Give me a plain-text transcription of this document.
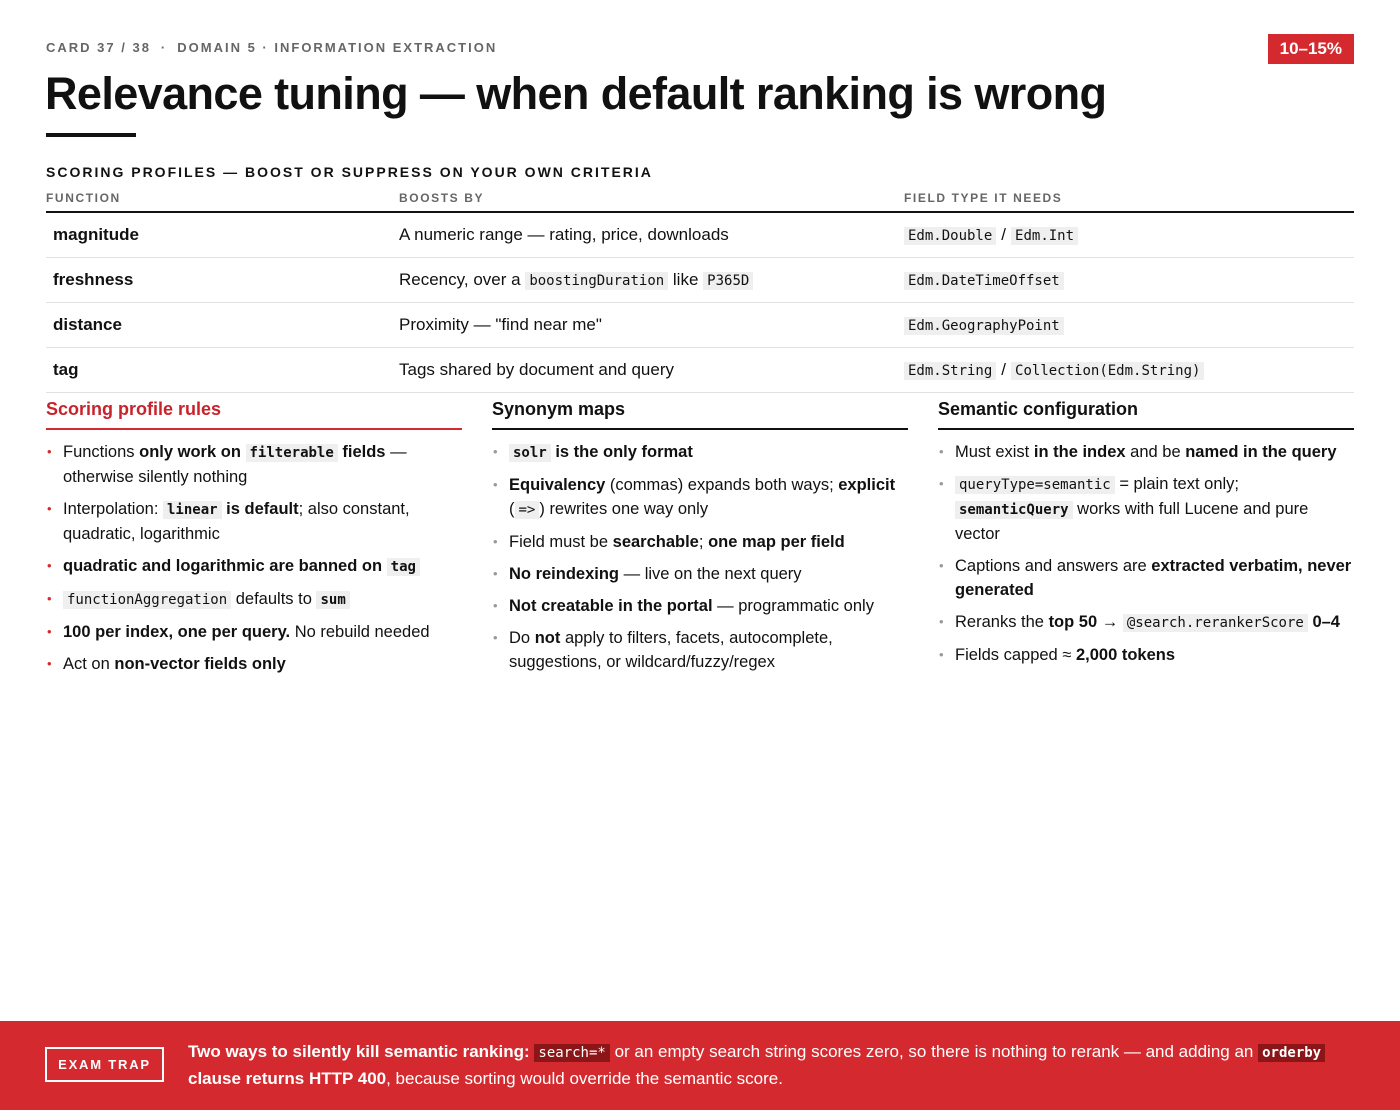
CARD 37 / 38 · DOMAIN 5 · INFORMATION EXTRACTION	10–15%
Relevance tuning — when default ranking is wrong
SCORING PROFILES — BOOST OR SUPPRESS ON YOUR OWN CRITERIA
FUNCTION	BOOSTS BY	FIELD TYPE IT NEEDS
magnitude	A numeric range — rating, price, downloads	Edm.Double / Edm.Int
freshness	Recency, over a boostingDuration like P365D	Edm.DateTimeOffset
distance	Proximity — "find near me"	Edm.GeographyPoint
tag	Tags shared by document and query	Edm.String / Collection(Edm.String)
Scoring profile rules
• Functions only work on filterable fields — otherwise silently nothing
• Interpolation: linear is default; also constant, quadratic, logarithmic
• quadratic and logarithmic are banned on tag
• functionAggregation defaults to sum
• 100 per index, one per query. No rebuild needed
• Act on non-vector fields only
Synonym maps
• solr is the only format
• Equivalency (commas) expands both ways; explicit ( => ) rewrites one way only
• Field must be searchable; one map per field
• No reindexing — live on the next query
• Not creatable in the portal — programmatic only
• Do not apply to filters, facets, autocomplete, suggestions, or wildcard/fuzzy/regex
Semantic configuration
• Must exist in the index and be named in the query
• queryType=semantic = plain text only; semanticQuery works with full Lucene and pure vector
• Captions and answers are extracted verbatim, never generated
• Reranks the top 50 → @search.rerankerScore 0–4
• Fields capped ≈ 2,000 tokens
EXAM TRAP
Two ways to silently kill semantic ranking: search=* or an empty search string scores zero, so there is nothing to rerank — and adding an orderby clause returns HTTP 400, because sorting would override the semantic score.
